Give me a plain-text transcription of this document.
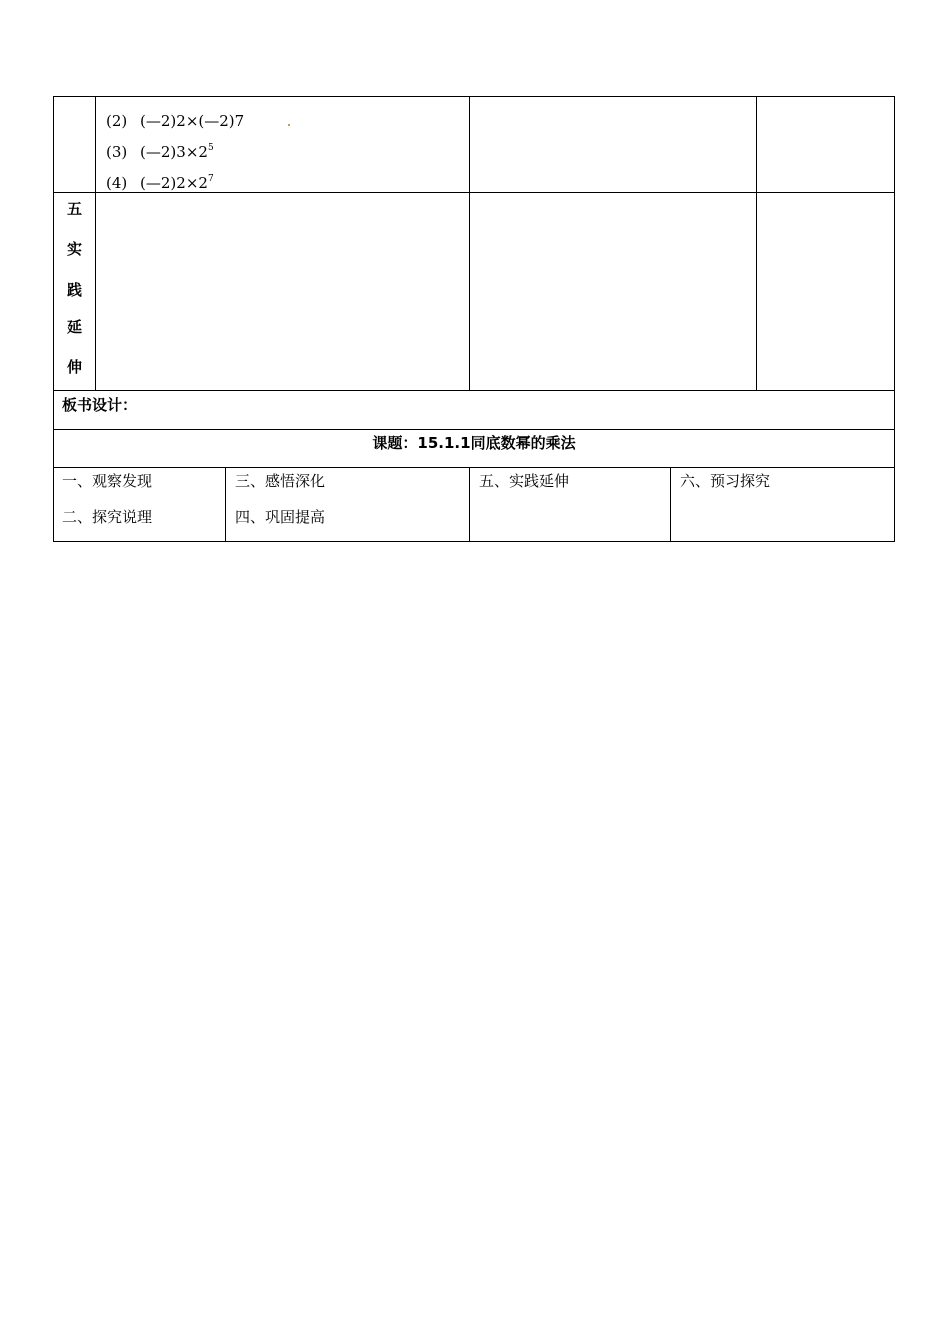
(2) (—2)2×(—2)7
(3) $(—2)3\times 2^5$
(4) $(—2)2\times 2^7$
五
实
践
延
伸
板书设计：
课题：15.1.1同底数幂的乘法
一、观察发现
二、探究说理
三、感悟深化
四、巩固提高
五、实践延伸	六、预习探究
